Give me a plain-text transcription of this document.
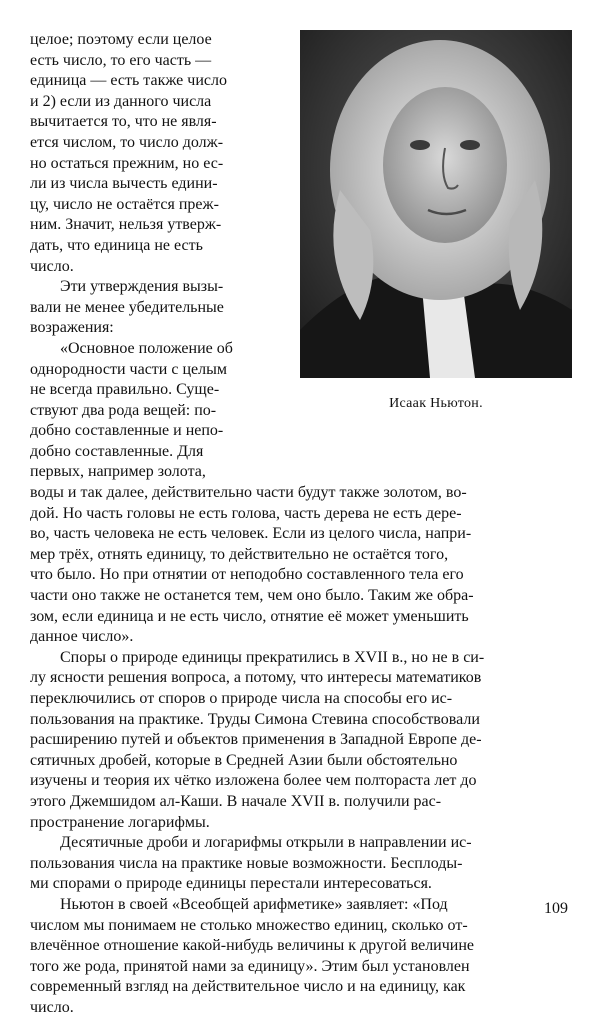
целое; поэтому если целое
есть число, то его часть —
единица — есть также число
и 2) если из данного числа
вычитается то, что не явля-
ется числом, то число долж-
но остаться прежним, но ес-
ли из числа вычесть едини-
цу, число не остаётся преж-
ним. Значит, нельзя утверж-
дать, что единица не есть
число.

Эти утверждения вызы-
вали не менее убедительные
возражения:

«Основное положение об
однородности части с целым
не всегда правильно. Суще-
ствуют два рода вещей: по-
добно составленные и непо-
добно составленные. Для
первых, например золота,

Исаак Ньютон.

воды и так далее, действительно части будут также золотом, во-
дой. Но часть головы не есть голова, часть дерева не есть дере-
во, часть человека не есть человек. Если из целого числа, напри-
мер трёх, отнять единицу, то действительно не остаётся того,
что было. Но при отнятии от неподобно составленного тела его
части оно также не останется тем, чем оно было. Таким же обра-
зом, если единица и не есть число, отнятие её может уменьшить
данное число».

Споры о природе единицы прекратились в XVII в., но не в си-
лу ясности решения вопроса, а потому, что интересы математиков
переключились от споров о природе числа на способы его ис-
пользования на практике. Труды Симона Стевина способствовали
расширению путей и объектов применения в Западной Европе де-
сятичных дробей, которые в Средней Азии были обстоятельно
изучены и теория их чётко изложена более чем полтораста лет до
этого Джемшидом ал-Каши. В начале XVII в. получили рас-
пространение логарифмы.

Десятичные дроби и логарифмы открыли в направлении ис-
пользования числа на практике новые возможности. Бесплоды-
ми спорами о природе единицы перестали интересоваться.

Ньютон в своей «Всеобщей арифметике» заявляет: «Под
числом мы понимаем не столько множество единиц, сколько от-
влечённое отношение какой-нибудь величины к другой величине
того же рода, принятой нами за единицу». Этим был установлен
современный взгляд на действительное число и на единицу, как
число.

109
